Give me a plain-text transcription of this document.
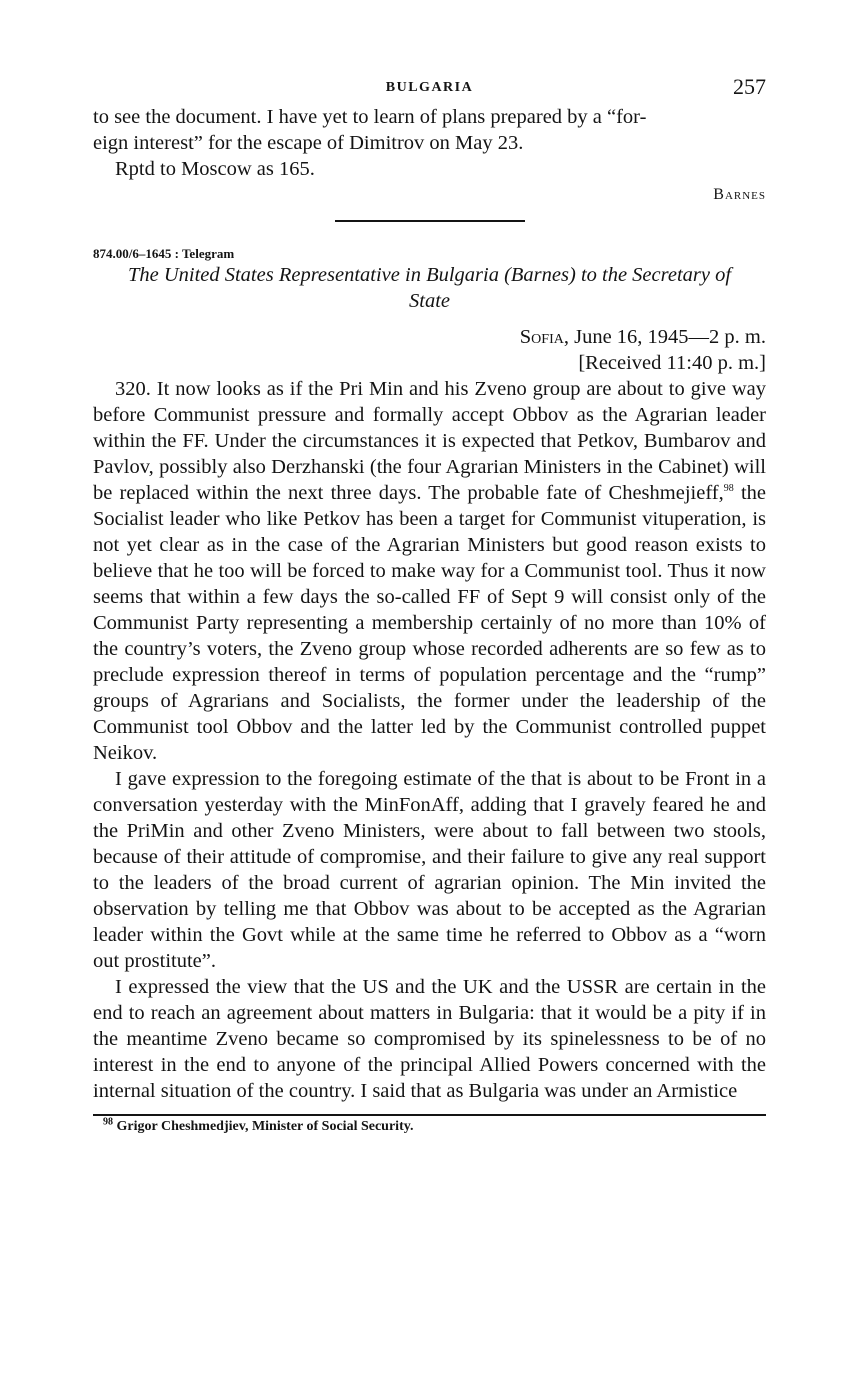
BULGARIA	257

to see the document. I have yet to learn of plans prepared by a “for-

eign interest” for the escape of Dimitrov on May 23.

Rptd to Moscow as 165.

Barnes

874.00/6–1645 : Telegram

The United States Representative in Bulgaria (Barnes) to the Secretary of State

Sofia, June 16, 1945—2 p. m.

[Received 11:40 p. m.]

320. It now looks as if the Pri Min and his Zveno group are about to give way before Communist pressure and formally accept Obbov as the Agrarian leader within the FF. Under the circumstances it is expected that Petkov, Bumbarov and Pavlov, possibly also Derzhanski (the four Agrarian Ministers in the Cabinet) will be replaced within the next three days. The probable fate of Cheshmejieff,$^{98}$ the Socialist leader who like Petkov has been a target for Communist vituperation, is not yet clear as in the case of the Agrarian Ministers but good reason exists to believe that he too will be forced to make way for a Communist tool. Thus it now seems that within a few days the so-called FF of Sept 9 will consist only of the Communist Party representing a membership certainly of no more than 10% of the country’s voters, the Zveno group whose recorded adherents are so few as to preclude expression thereof in terms of population percentage and the “rump” groups of Agrarians and Socialists, the former under the leadership of the Communist tool Obbov and the latter led by the Communist controlled puppet Neikov.

I gave expression to the foregoing estimate of the that is about to be Front in a conversation yesterday with the MinFonAff, adding that I gravely feared he and the PriMin and other Zveno Ministers, were about to fall between two stools, because of their attitude of compromise, and their failure to give any real support to the leaders of the broad current of agrarian opinion. The Min invited the observation by telling me that Obbov was about to be accepted as the Agrarian leader within the Govt while at the same time he referred to Obbov as a “worn out prostitute”.

I expressed the view that the US and the UK and the USSR are certain in the end to reach an agreement about matters in Bulgaria: that it would be a pity if in the meantime Zveno became so compromised by its spinelessness to be of no interest in the end to anyone of the principal Allied Powers concerned with the internal situation of the country. I said that as Bulgaria was under an Armistice

$^{98}$ Grigor Cheshmedjiev, Minister of Social Security.
